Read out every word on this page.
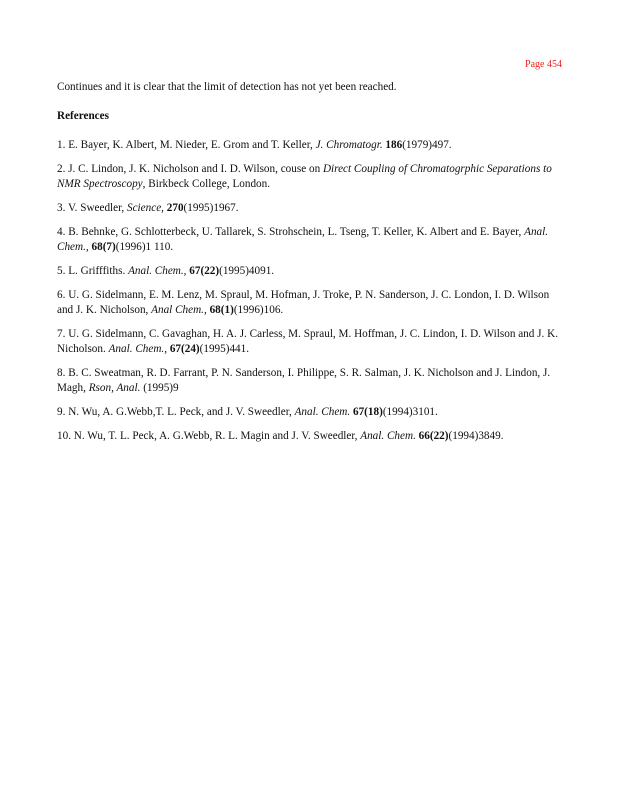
Page 454

Continues and it is clear that the limit of detection has not yet been reached.

References

1. E. Bayer, K. Albert, M. Nieder, E. Grom and T. Keller, J. Chromatogr. 186(1979)497.

2. J. C. Lindon, J. K. Nicholson and I. D. Wilson, couse on Direct Coupling of Chromatogrphic Separations to NMR Spectroscopy, Birkbeck College, London.

3. V. Sweedler, Science, 270(1995)1967.

4. B. Behnke, G. Schlotterbeck, U. Tallarek, S. Strohschein, L. Tseng, T. Keller, K. Albert and E. Bayer, Anal. Chem., 68(7)(1996)1 110.

5. L. Grifffiths. Anal. Chem., 67(22)(1995)4091.

6. U. G. Sidelmann, E. M. Lenz, M. Spraul, M. Hofman, J. Troke, P. N. Sanderson, J. C. London, I. D. Wilson and J. K. Nicholson, Anal Chem., 68(1)(1996)106.

7. U. G. Sidelmann, C. Gavaghan, H. A. J. Carless, M. Spraul, M. Hoffman, J. C. Lindon, I. D. Wilson and J. K. Nicholson. Anal. Chem., 67(24)(1995)441.

8. B. C. Sweatman, R. D. Farrant, P. N. Sanderson, I. Philippe, S. R. Salman, J. K. Nicholson and J. Lindon, J. Magh, Rson, Anal. (1995)9

9. N. Wu, A. G.Webb,T. L. Peck, and J. V. Sweedler, Anal. Chem. 67(18)(1994)3101.

10. N. Wu, T. L. Peck, A. G.Webb, R. L. Magin and J. V. Sweedler, Anal. Chem. 66(22)(1994)3849.
